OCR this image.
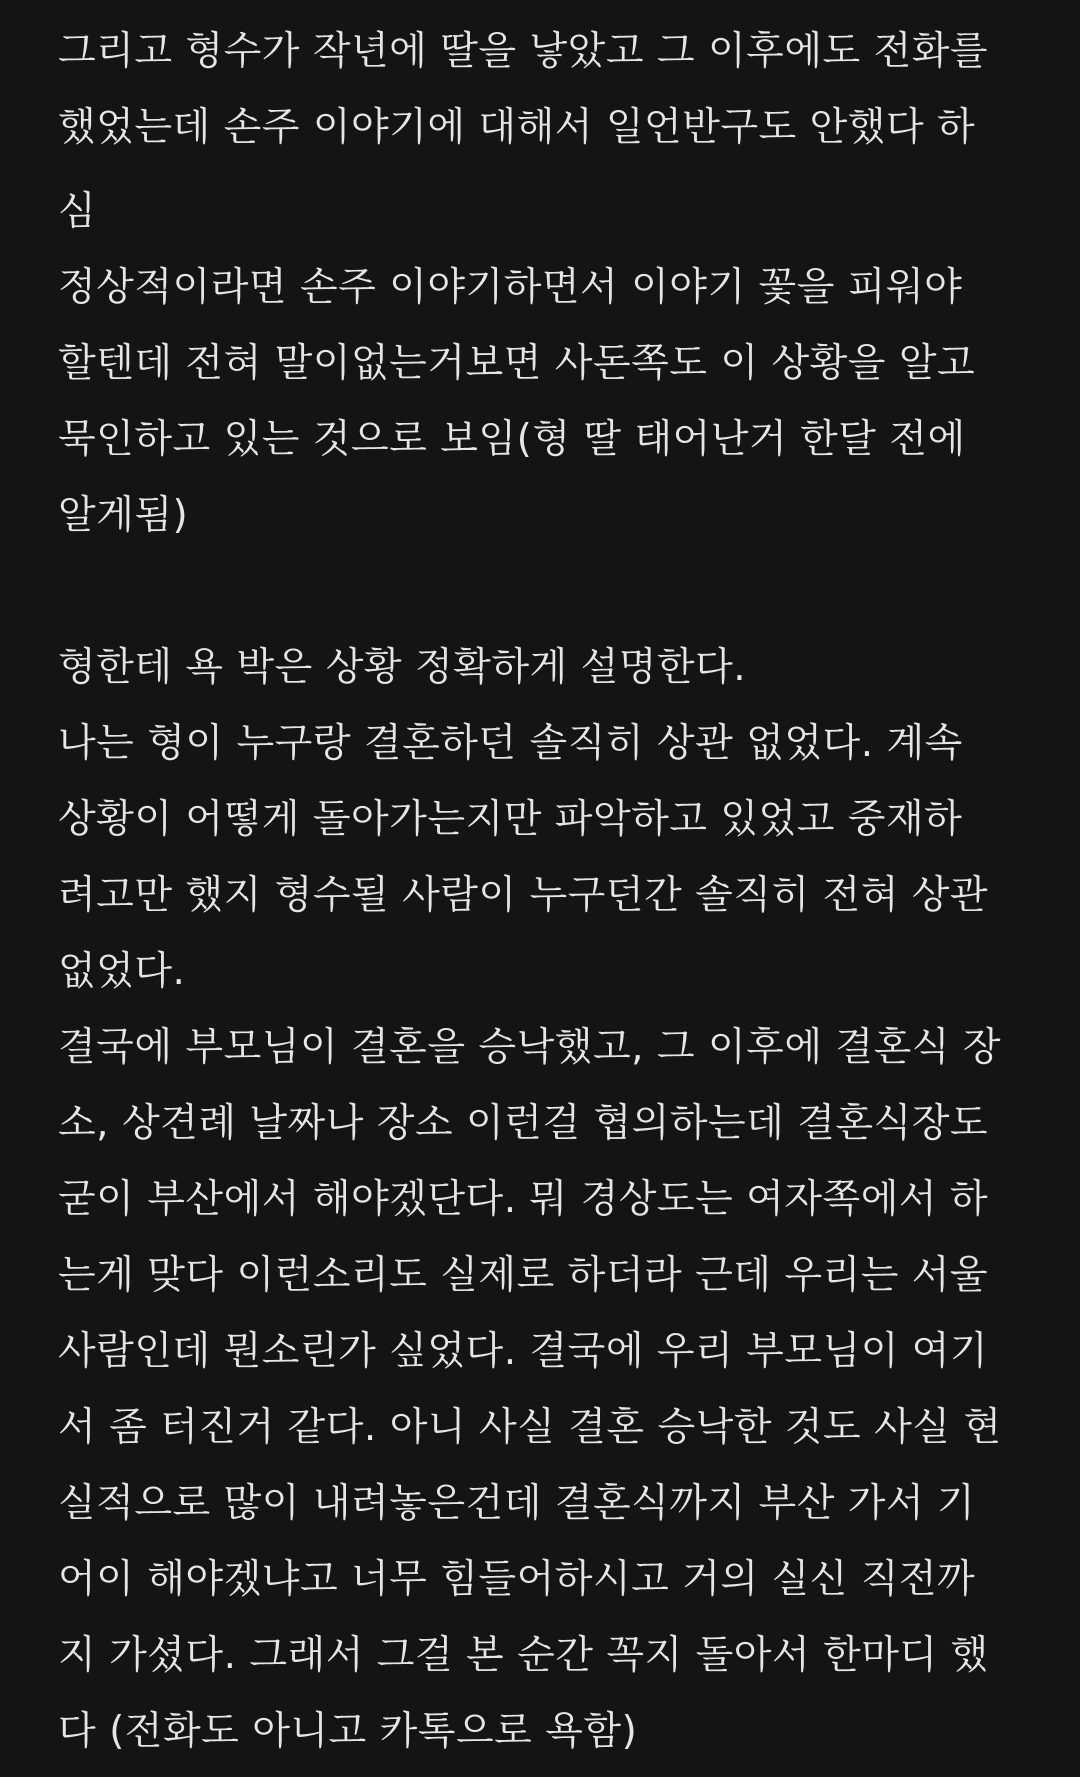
그리고 형수가 작년에 딸을 낳았고 그 이후에도 전화를
했었는데 손주 이야기에 대해서 일언반구도 안했다 하
심
정상적이라면 손주 이야기하면서 이야기 꽃을 피워야
할텐데 전혀 말이없는거보면 사돈쪽도 이 상황을 알고
묵인하고 있는 것으로 보임(형 딸 태어난거 한달 전에
알게됨)
형한테 욕 박은 상황 정확하게 설명한다.
나는 형이 누구랑 결혼하던 솔직히 상관 없었다. 계속
상황이 어떻게 돌아가는지만 파악하고 있었고 중재하
려고만 했지 형수될 사람이 누구던간 솔직히 전혀 상관
없었다.
결국에 부모님이 결혼을 승낙했고, 그 이후에 결혼식 장
소, 상견례 날짜나 장소 이런걸 협의하는데 결혼식장도
굳이 부산에서 해야겠단다. 뭐 경상도는 여자쪽에서 하
는게 맞다 이런소리도 실제로 하더라 근데 우리는 서울
사람인데 뭔소린가 싶었다. 결국에 우리 부모님이 여기
서 좀 터진거 같다. 아니 사실 결혼 승낙한 것도 사실 현
실적으로 많이 내려놓은건데 결혼식까지 부산 가서 기
어이 해야겠냐고 너무 힘들어하시고 거의 실신 직전까
지 가셨다. 그래서 그걸 본 순간 꼭지 돌아서 한마디 했
다 (전화도 아니고 카톡으로 욕함)
